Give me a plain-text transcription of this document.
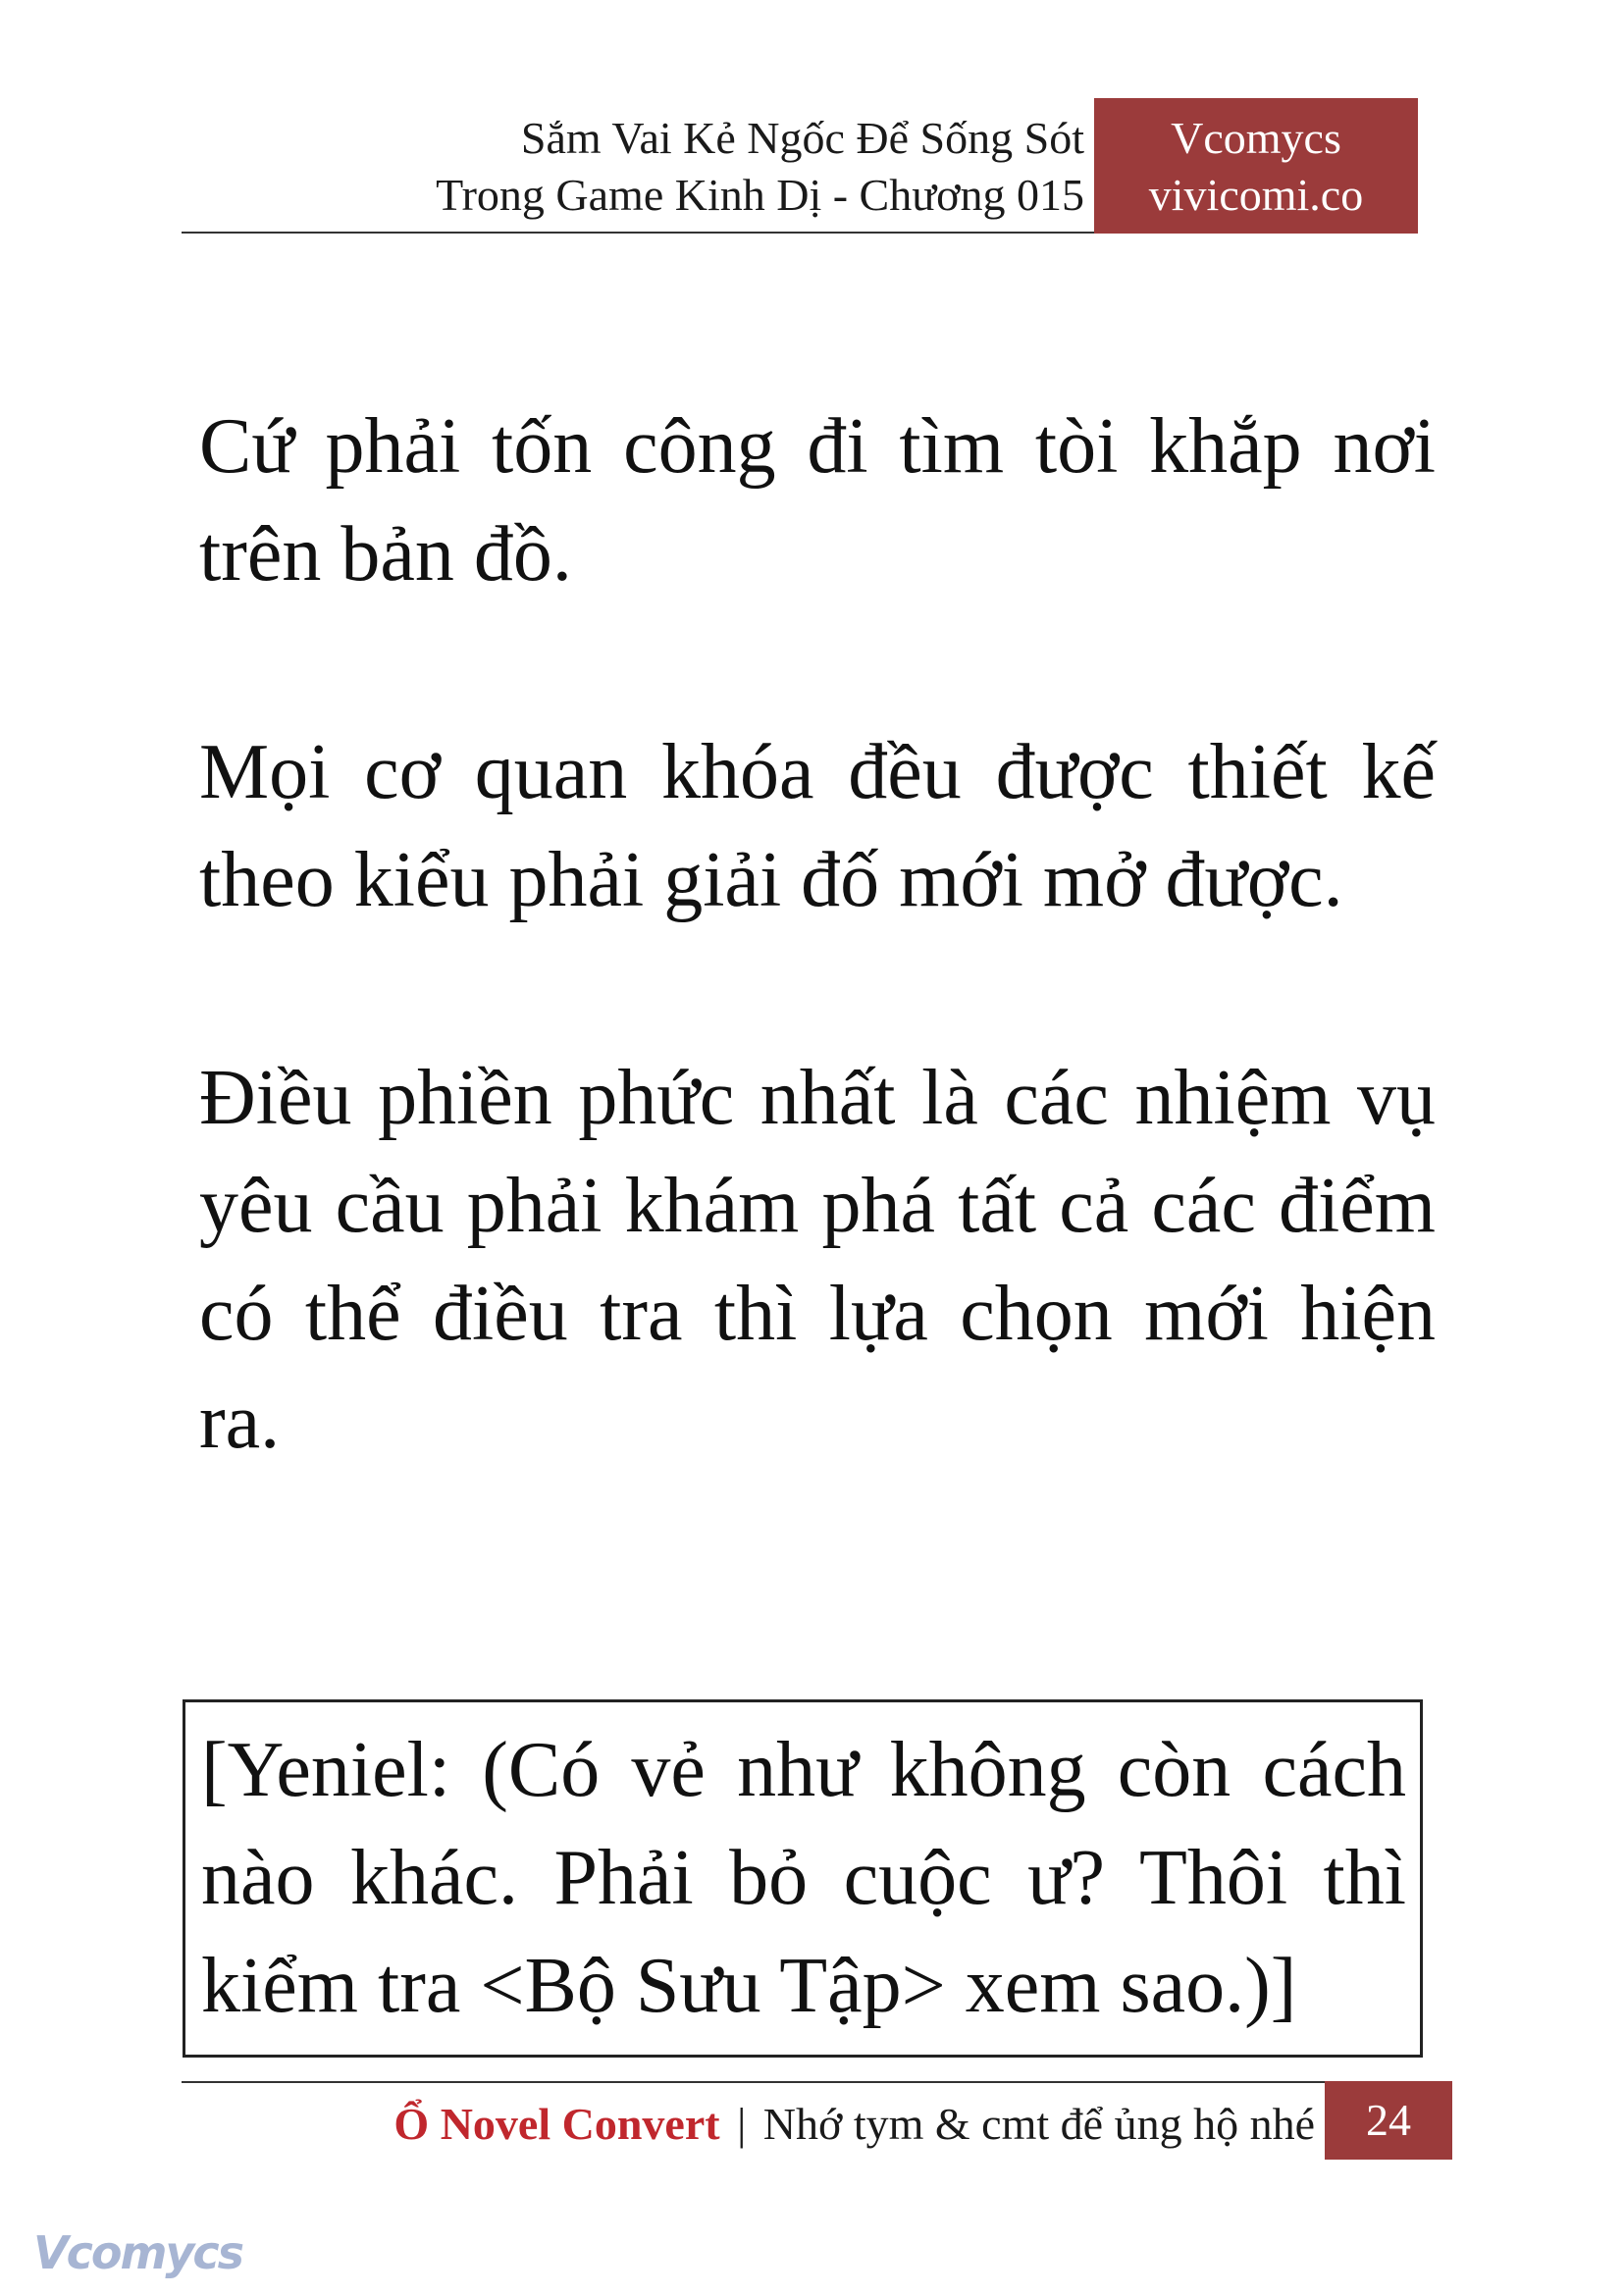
Sắm Vai Kẻ Ngốc Để Sống Sót
Trong Game Kinh Dị - Chương 015
Vcomycs
vivicomi.co

Cứ phải tốn công đi tìm tòi khắp nơi trên bản đồ.

Mọi cơ quan khóa đều được thiết kế theo kiểu phải giải đố mới mở được.

Điều phiền phức nhất là các nhiệm vụ yêu cầu phải khám phá tất cả các điểm có thể điều tra thì lựa chọn mới hiện ra.

[Yeniel: (Có vẻ như không còn cách nào khác. Phải bỏ cuộc ư? Thôi thì kiểm tra <Bộ Sưu Tập> xem sao.)]

Ổ Novel Convert | Nhớ tym & cmt để ủng hộ nhé	24
Vcomycs
